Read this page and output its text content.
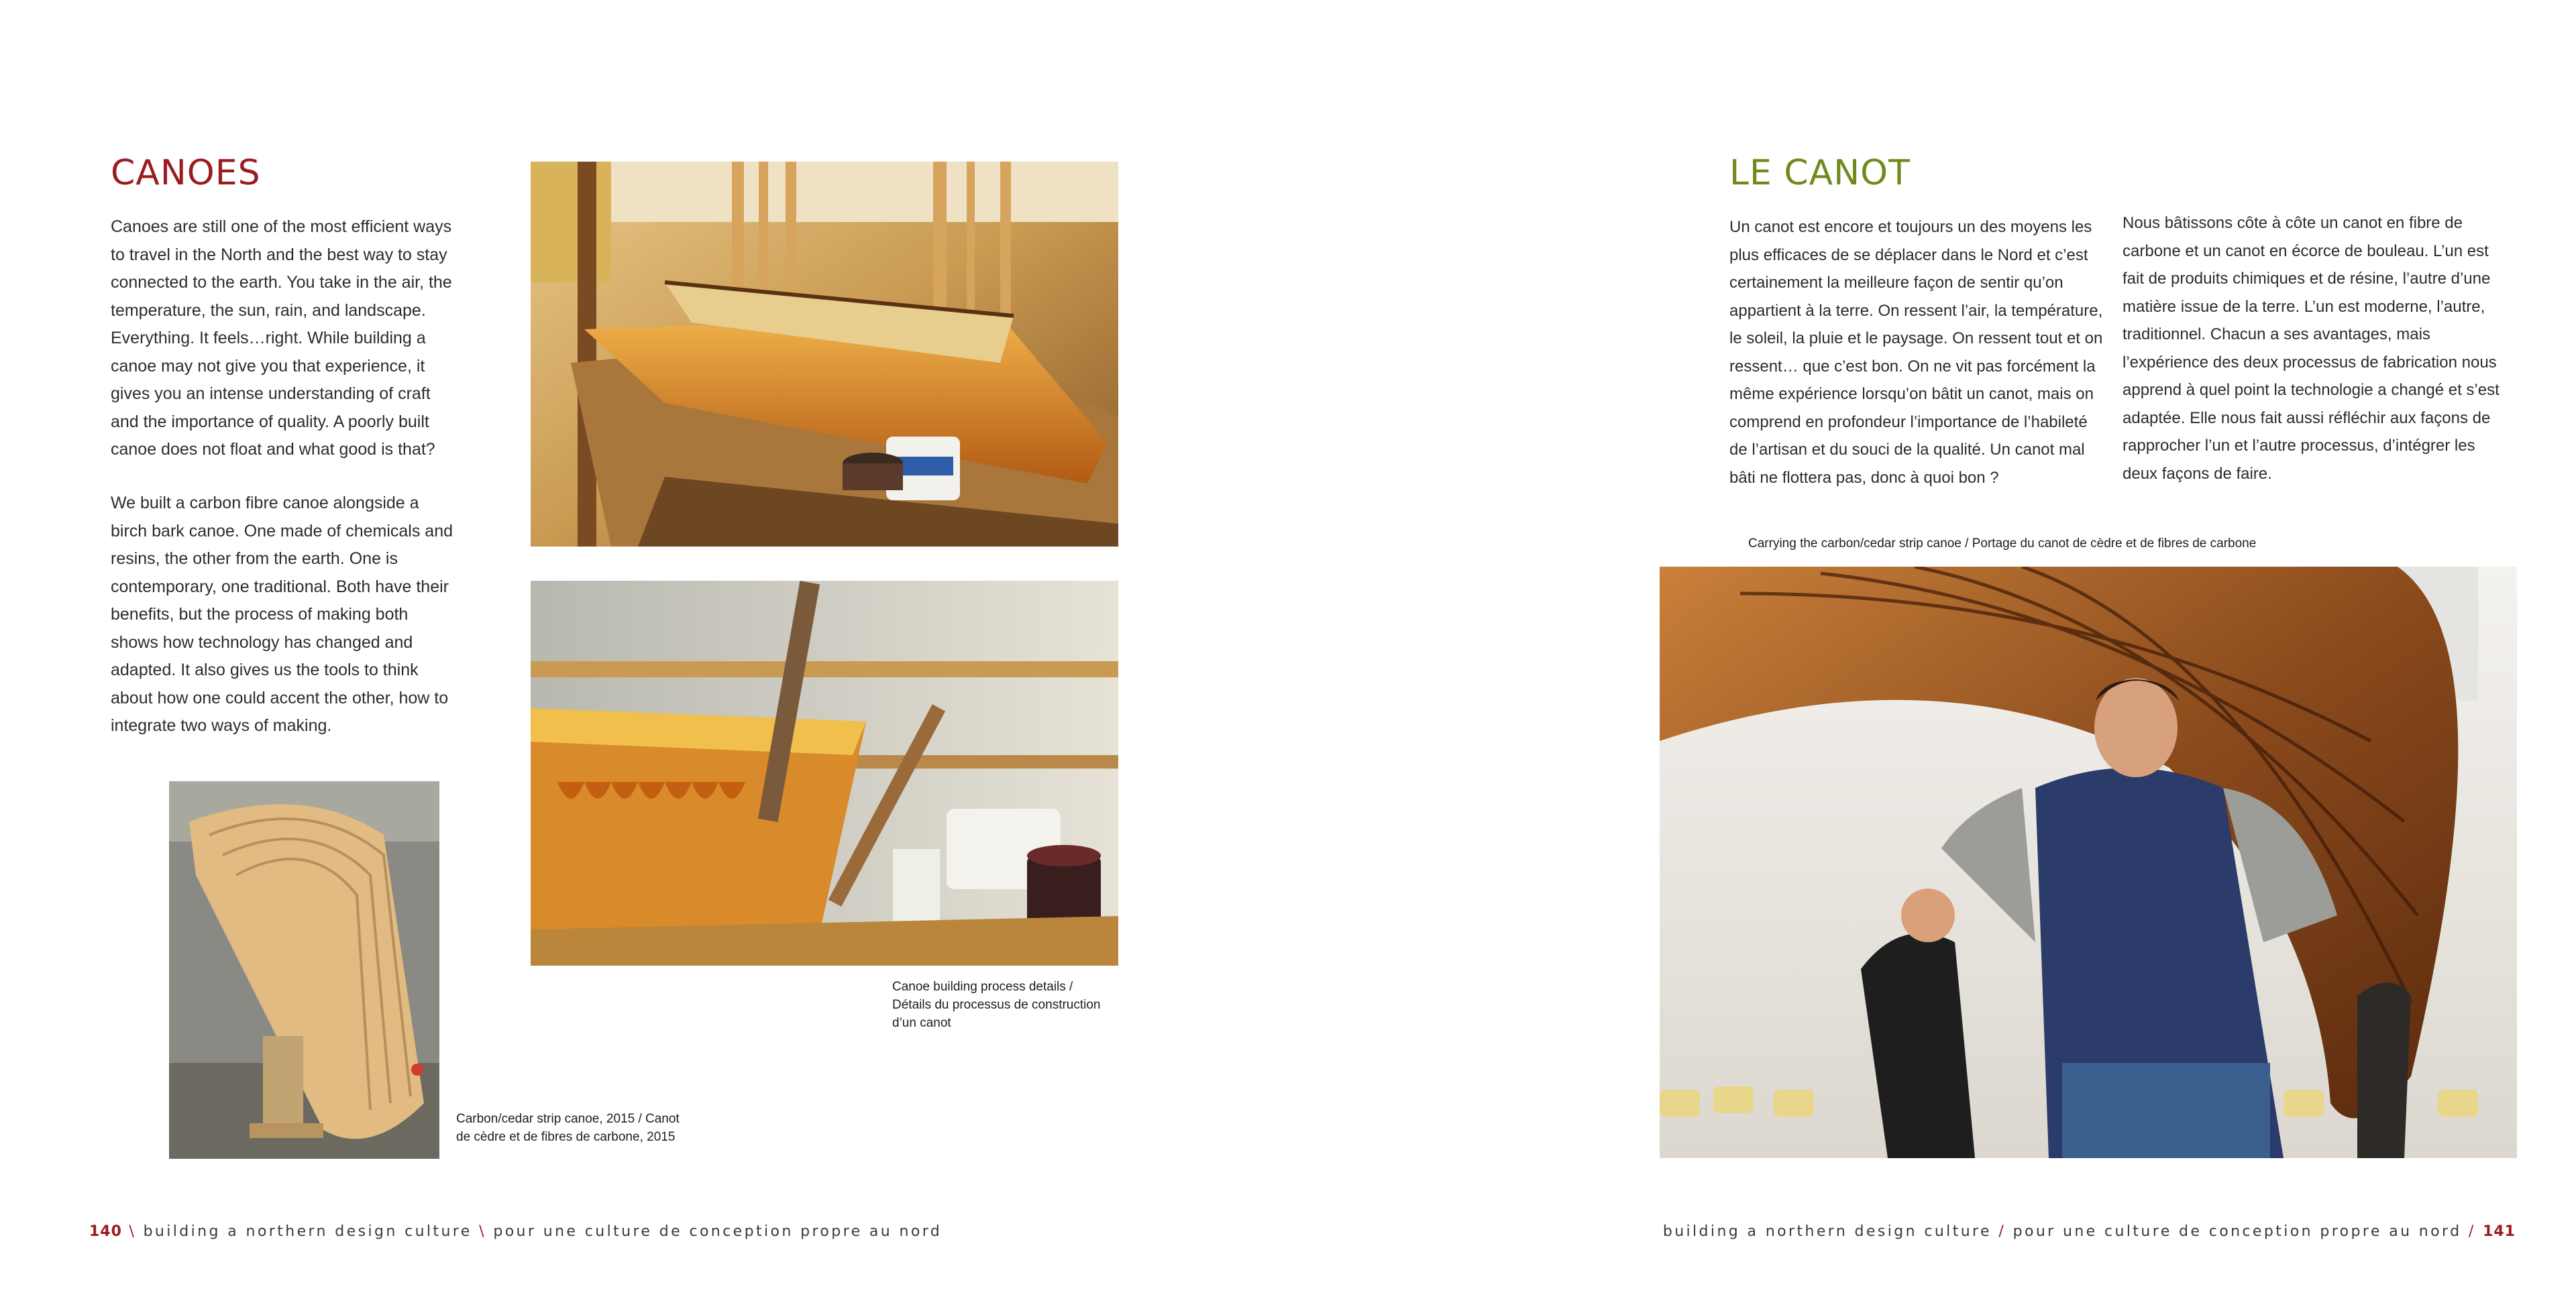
CANOES

Canoes are still one of the most efficient ways to travel in the North and the best way to stay connected to the earth. You take in the air, the temperature, the sun, rain, and landscape. Everything. It feels…right. While building a canoe may not give you that experience, it gives you an intense understanding of craft and the importance of quality. A poorly built canoe does not float and what good is that?

We built a carbon fibre canoe alongside a birch bark canoe. One made of chemicals and resins, the other from the earth. One is contemporary, one traditional. Both have their benefits, but the process of making both shows how technology has changed and adapted. It also gives us the tools to think about how one could accent the other, how to integrate two ways of making.

Canoe building process details / Détails du processus de construction d’un canot

Carbon/cedar strip canoe, 2015 / Canot de cèdre et de fibres de carbone, 2015

140 \ building a northern design culture \ pour une culture de conception propre au nord
LE CANOT

Un canot est encore et toujours un des moyens les plus efficaces de se déplacer dans le Nord et c’est certainement la meilleure façon de sentir qu’on appartient à la terre. On ressent l’air, la température, le soleil, la pluie et le paysage. On ressent tout et on ressent… que c’est bon. On ne vit pas forcément la même expérience lorsqu’on bâtit un canot, mais on comprend en profondeur l’importance de l’habileté de l’artisan et du souci de la qualité. Un canot mal bâti ne flottera pas, donc à quoi bon ?

Nous bâtissons côte à côte un canot en fibre de carbone et un canot en écorce de bouleau. L’un est fait de produits chimiques et de résine, l’autre d’une matière issue de la terre. L’un est moderne, l’autre, traditionnel. Chacun a ses avantages, mais l’expérience des deux processus de fabrication nous apprend à quel point la technologie a changé et s’est adaptée. Elle nous fait aussi réfléchir aux façons de rapprocher l’un et l’autre processus, d’intégrer les deux façons de faire.

Carrying the carbon/cedar strip canoe / Portage du canot de cèdre et de fibres de carbone

building a northern design culture / pour une culture de conception propre au nord / 141
